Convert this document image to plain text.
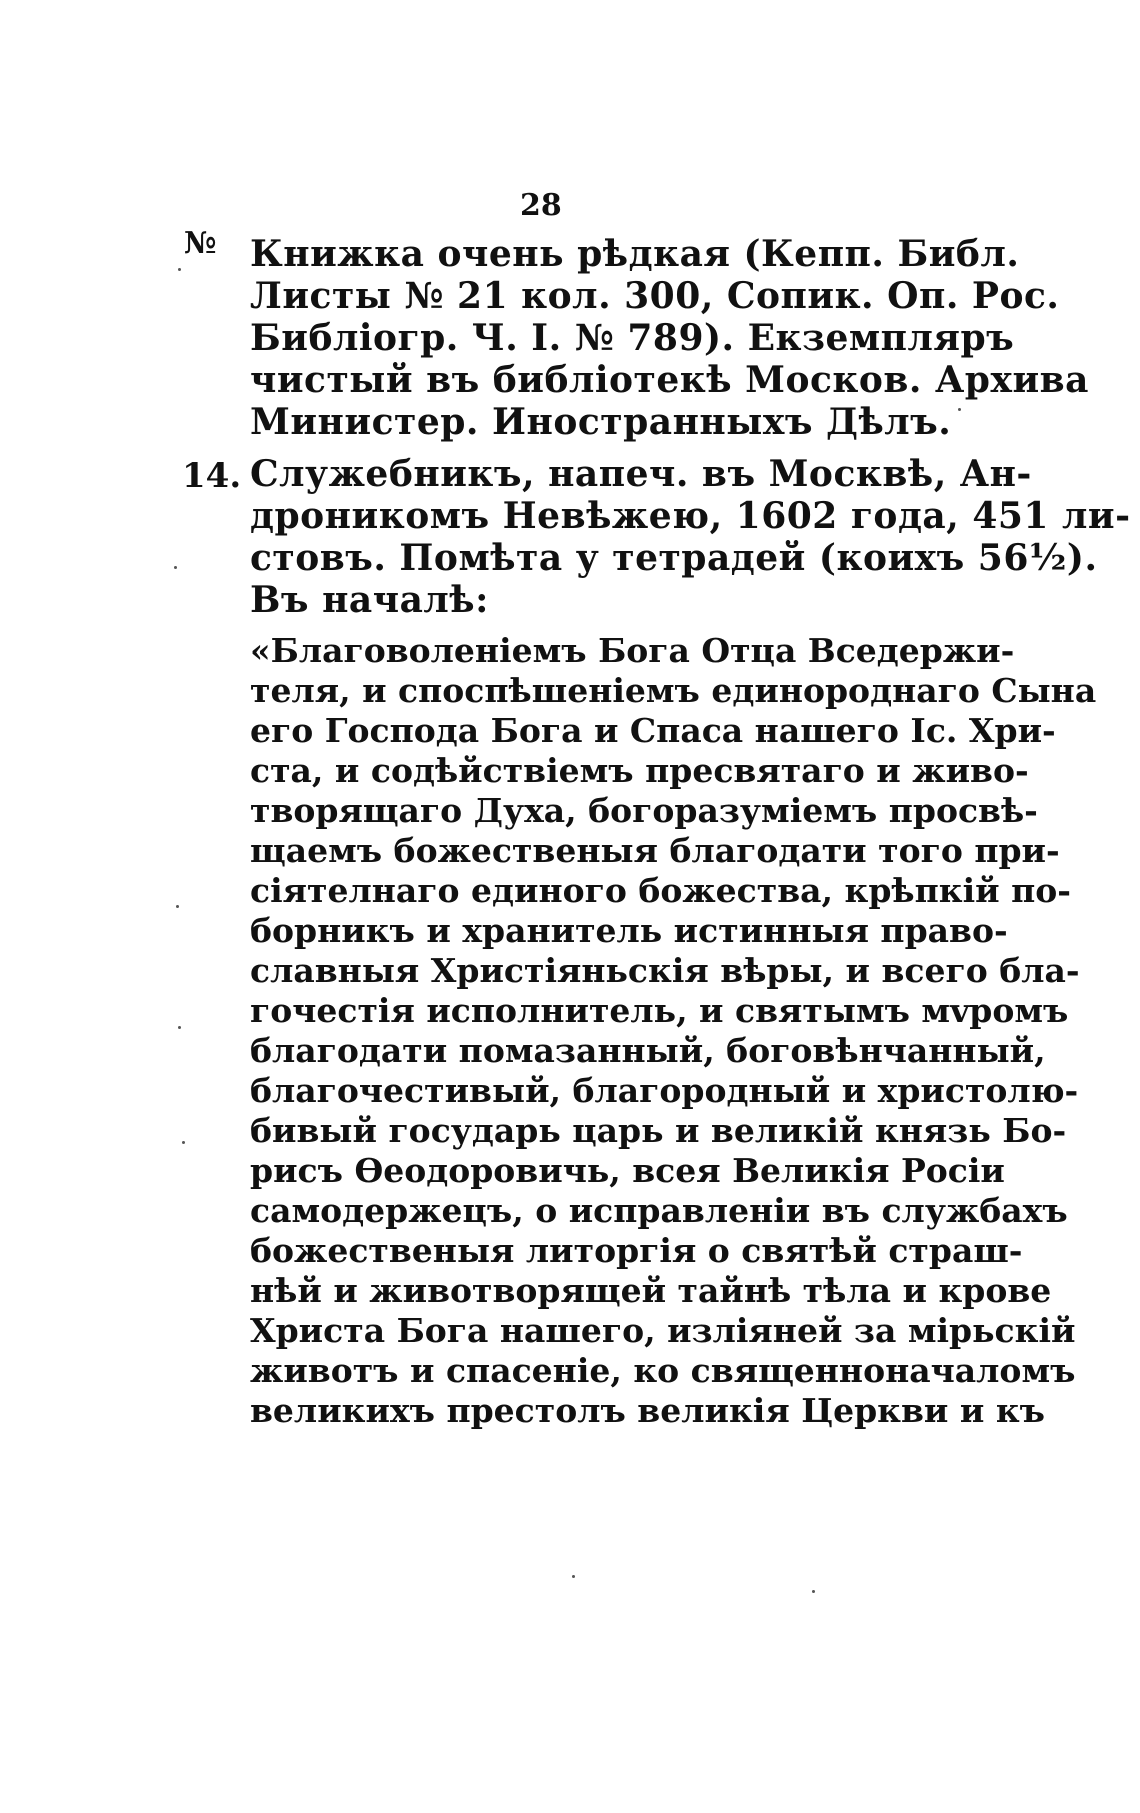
28
№ Книжка очень рѣдкая (Кепп. Библ.
Листы № 21 кол. 300, Сопик. Оп. Рос.
Библіогр. Ч. I. № 789). Екземпляръ
чистый въ библіотекѣ Москов. Архива
Министер. Иностранныхъ Дѣлъ.
14. Служебникъ, напеч. въ Москвѣ, Ан-
дроникомъ Невѣжею, 1602 года, 451 ли-
стовъ. Помѣта у тетрадей (коихъ 56½).
Въ началѣ:
«Благоволеніемъ Бога Отца Вседержи-
теля, и споспѣшеніемъ единороднаго Сына
его Господа Бога и Спаса нашего Іс. Хри-
ста, и содѣйствіемъ пресвятаго и живо-
творящаго Духа, богоразуміемъ просвѣ-
щаемъ божественыя благодати того при-
сіятелнаго единого божества, крѣпкій по-
борникъ и хранитель истинныя право-
славныя Христіяньскія вѣры, и всего бла-
гочестія исполнитель, и святымъ мvромъ
благодати помазанный, боговѣнчанный,
благочестивый, благородный и христолю-
бивый государь царь и великій князь Бо-
рисъ Өеодоровичь, всея Великія Росіи
самодержецъ, о исправленіи въ службахъ
божественыя литоргія о святѣй страш-
нѣй и животворящей тайнѣ тѣла и крове
Христа Бога нашего, изліяней за мірьскій
животъ и спасеніе, ко священноначаломъ
великихъ престолъ великія Церкви и къ
